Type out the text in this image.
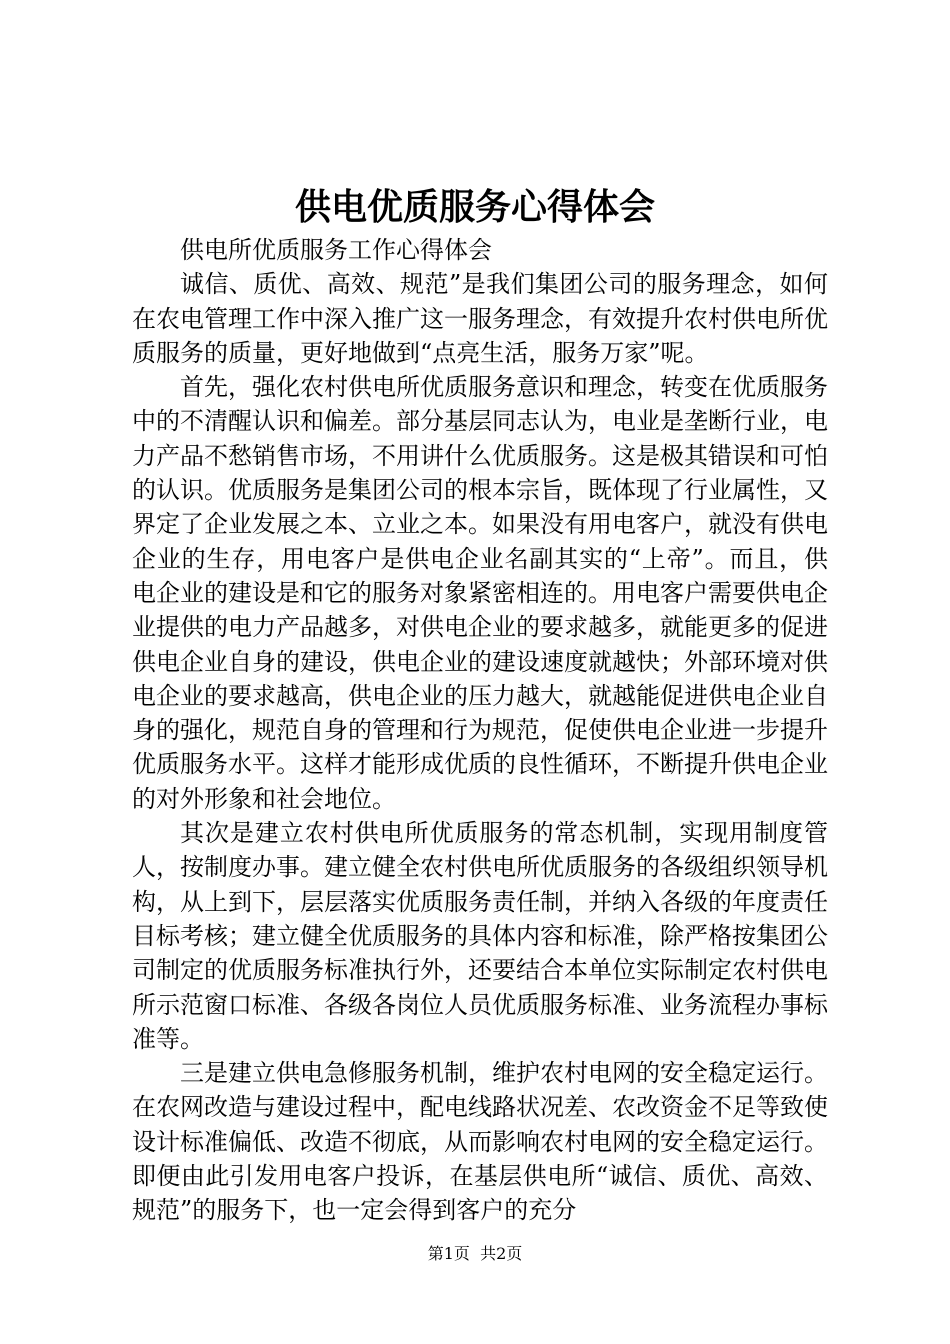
供电优质服务心得体会

供电所优质服务工作心得体会

诚信、质优、高效、规范”是我们集团公司的服务理念，如何在农电管理工作中深入推广这一服务理念，有效提升农村供电所优质服务的质量，更好地做到“点亮生活，服务万家”呢。

首先，强化农村供电所优质服务意识和理念，转变在优质服务中的不清醒认识和偏差。部分基层同志认为，电业是垄断行业，电力产品不愁销售市场，不用讲什么优质服务。这是极其错误和可怕的认识。优质服务是集团公司的根本宗旨，既体现了行业属性，又界定了企业发展之本、立业之本。如果没有用电客户，就没有供电企业的生存，用电客户是供电企业名副其实的“上帝”。而且，供电企业的建设是和它的服务对象紧密相连的。用电客户需要供电企业提供的电力产品越多，对供电企业的要求越多，就能更多的促进供电企业自身的建设，供电企业的建设速度就越快；外部环境对供电企业的要求越高，供电企业的压力越大，就越能促进供电企业自身的强化，规范自身的管理和行为规范，促使供电企业进一步提升优质服务水平。这样才能形成优质的良性循环，不断提升供电企业的对外形象和社会地位。

其次是建立农村供电所优质服务的常态机制，实现用制度管人，按制度办事。建立健全农村供电所优质服务的各级组织领导机构，从上到下，层层落实优质服务责任制，并纳入各级的年度责任目标考核；建立健全优质服务的具体内容和标准，除严格按集团公司制定的优质服务标准执行外，还要结合本单位实际制定农村供电所示范窗口标准、各级各岗位人员优质服务标准、业务流程办事标准等。

三是建立供电急修服务机制，维护农村电网的安全稳定运行。在农网改造与建设过程中，配电线路状况差、农改资金不足等致使设计标准偏低、改造不彻底，从而影响农村电网的安全稳定运行。即便由此引发用电客户投诉，在基层供电所“诚信、质优、高效、规范”的服务下，也一定会得到客户的充分

第1页  共2页
